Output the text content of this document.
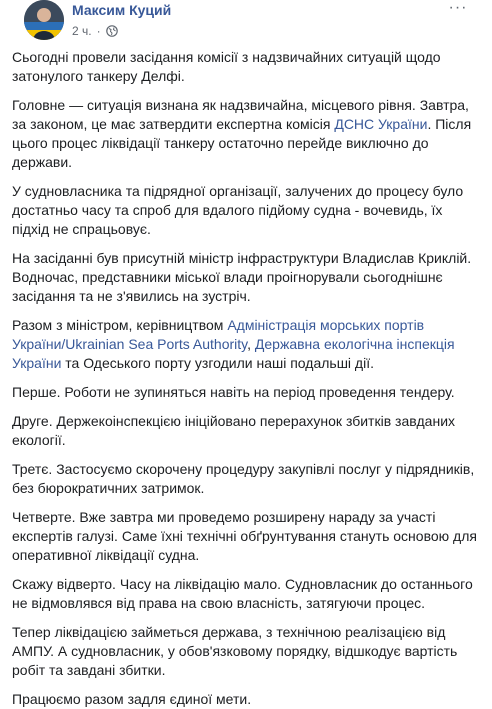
Максим Куций
2 ч. ·
···

Сьогодні провели засідання комісії з надзвичайних ситуацій щодо затонулого танкеру Делфі.

Головне — ситуація визнана як надзвичайна, місцевого рівня. Завтра, за законом, це має затвердити експертна комісія ДСНС України. Після цього процес ліквідації танкеру остаточно перейде виключно до держави.

У судновласника та підрядної організації, залучених до процесу було достатньо часу та спроб для вдалого підйому судна - вочевидь, їх підхід не спрацьовує.

На засіданні був присутній міністр інфраструктури Владислав Криклій. Водночас, представники міської влади проігнорували сьогоднішнє засідання та не з'явились на зустріч.

Разом з міністром, керівництвом Адміністрація морських портів України/Ukrainian Sea Ports Authority, Державна екологічна інспекція України та Одеського порту узгодили наші подальші дії.

Перше. Роботи не зупиняться навіть на період проведення тендеру.

Друге. Держекоінспекцією ініційовано перерахунок збитків завданих екології.

Третє. Застосуємо скорочену процедуру закупівлі послуг у підрядників, без бюрократичних затримок.

Четверте. Вже завтра ми проведемо розширену нараду за участі експертів галузі. Саме їхні технічні обґрунтування стануть основою для оперативної ліквідації судна.

Скажу відверто. Часу на ліквідацію мало. Судновласник до останнього не відмовлявся від права на свою власність, затягуючи процес.

Тепер ліквідацією займеться держава, з технічною реалізацією від АМПУ. А судновласник, у обов'язковому порядку, відшкодує вартість робіт та завдані збитки.

Працюємо разом задля єдиної мети.
